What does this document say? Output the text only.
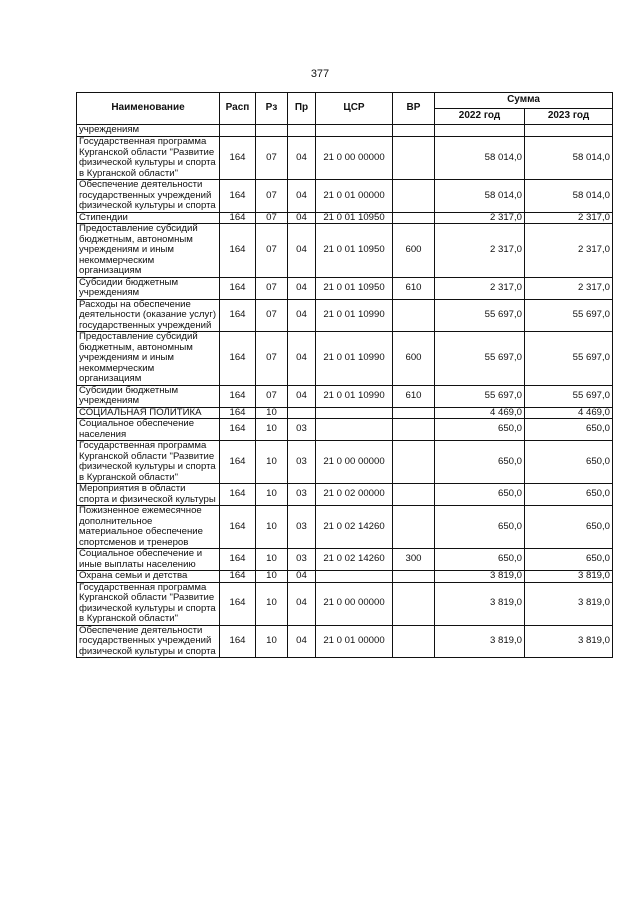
377
Наименование	Расп	Рз	Пр	ЦСР	ВР	Сумма	
						2022 год	2023 год
учреждениям							
Государственная программа Курганской области "Развитие физической культуры и спорта в Курганской области"	164	07	04	21 0 00 00000		58 014,0	58 014,0
Обеспечение деятельности государственных учреждений физической культуры и спорта	164	07	04	21 0 01 00000		58 014,0	58 014,0
Стипендии	164	07	04	21 0 01 10950		2 317,0	2 317,0
Предоставление субсидий бюджетным, автономным учреждениям и иным некоммерческим организациям	164	07	04	21 0 01 10950	600	2 317,0	2 317,0
Субсидии бюджетным учреждениям	164	07	04	21 0 01 10950	610	2 317,0	2 317,0
Расходы на обеспечение деятельности (оказание услуг) государственных учреждений	164	07	04	21 0 01 10990		55 697,0	55 697,0
Предоставление субсидий бюджетным, автономным учреждениям и иным некоммерческим организациям	164	07	04	21 0 01 10990	600	55 697,0	55 697,0
Субсидии бюджетным учреждениям	164	07	04	21 0 01 10990	610	55 697,0	55 697,0
СОЦИАЛЬНАЯ ПОЛИТИКА	164	10				4 469,0	4 469,0
Социальное обеспечение населения	164	10	03			650,0	650,0
Государственная программа Курганской области "Развитие физической культуры и спорта в Курганской области"	164	10	03	21 0 00 00000		650,0	650,0
Мероприятия в области спорта и физической культуры	164	10	03	21 0 02 00000		650,0	650,0
Пожизненное ежемесячное дополнительное материальное обеспечение спортсменов и тренеров	164	10	03	21 0 02 14260		650,0	650,0
Социальное обеспечение и иные выплаты населению	164	10	03	21 0 02 14260	300	650,0	650,0
Охрана семьи и детства	164	10	04			3 819,0	3 819,0
Государственная программа Курганской области "Развитие физической культуры и спорта в Курганской области"	164	10	04	21 0 00 00000		3 819,0	3 819,0
Обеспечение деятельности государственных учреждений физической культуры и спорта	164	10	04	21 0 01 00000		3 819,0	3 819,0
